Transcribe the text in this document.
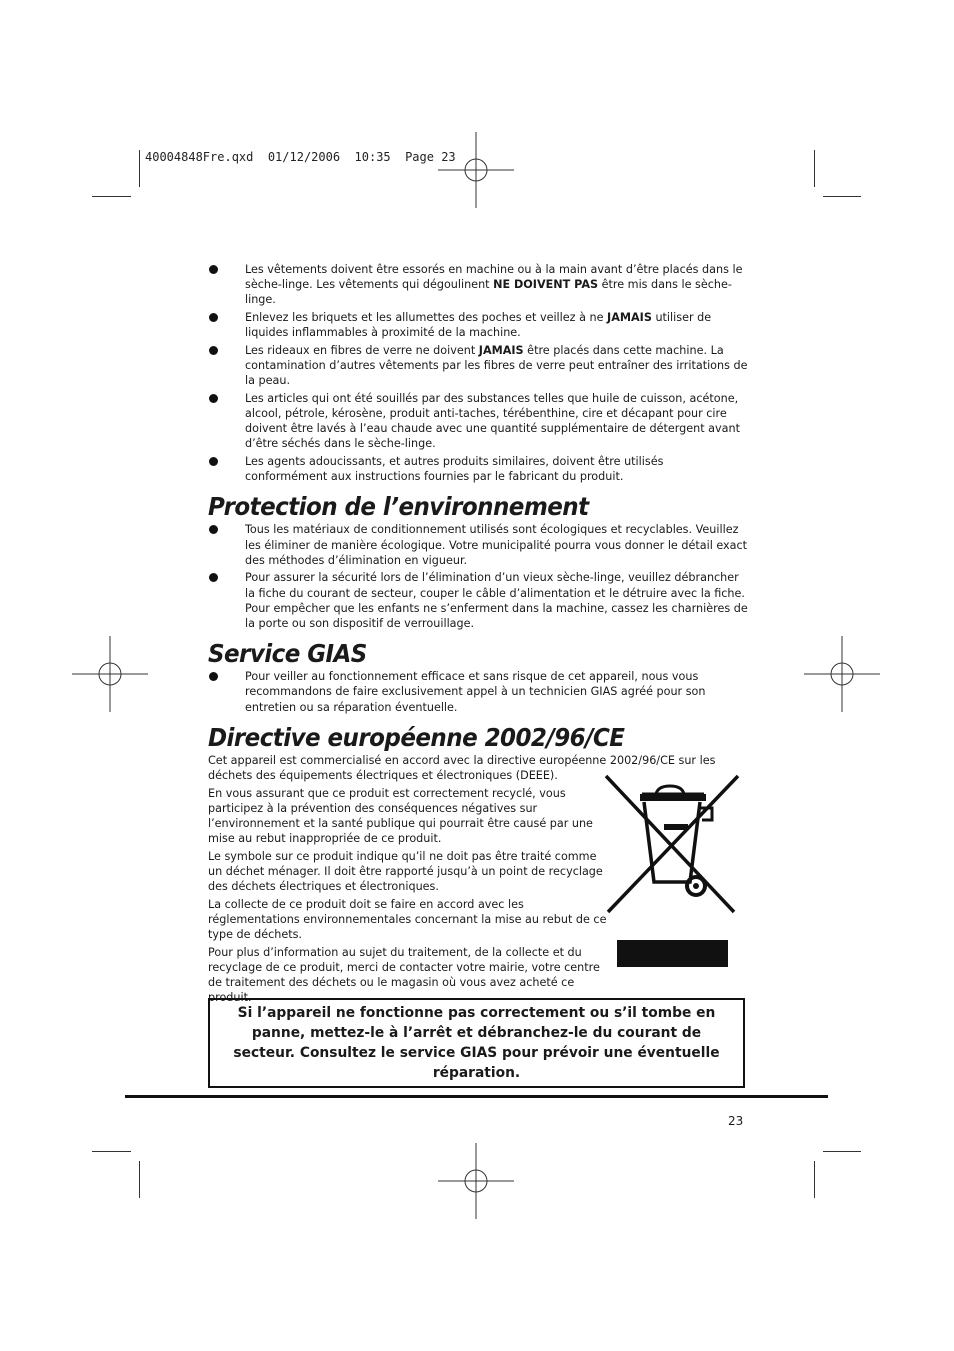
40004848Fre.qxd  01/12/2006  10:35  Page 23
Les vêtements doivent être essorés en machine ou à la main avant d’être placés dans le sèche-linge. Les vêtements qui dégoulinent NE DOIVENT PAS être mis dans le sèche-linge.
Enlevez les briquets et les allumettes des poches et veillez à ne JAMAIS utiliser de liquides inflammables à proximité de la machine.
Les rideaux en fibres de verre ne doivent JAMAIS être placés dans cette machine. La contamination d’autres vêtements par les fibres de verre peut entraîner des irritations de la peau.
Les articles qui ont été souillés par des substances telles que huile de cuisson, acétone, alcool, pétrole, kérosène, produit anti-taches, térébenthine, cire et décapant pour cire doivent être lavés à l’eau chaude avec une quantité supplémentaire de détergent avant d’être séchés dans le sèche-linge.
Les agents adoucissants, et autres produits similaires, doivent être utilisés conformément aux instructions fournies par le fabricant du produit.
Protection de l’environnement
Tous les matériaux de conditionnement utilisés sont écologiques et recyclables. Veuillez les éliminer de manière écologique. Votre municipalité pourra vous donner le détail exact des méthodes d’élimination en vigueur.
Pour assurer la sécurité lors de l’élimination d’un vieux sèche-linge, veuillez débrancher la fiche du courant de secteur, couper le câble d’alimentation et le détruire avec la fiche. Pour empêcher que les enfants ne s’enferment dans la machine, cassez les charnières de la porte ou son dispositif de verrouillage.
Service GIAS
Pour veiller au fonctionnement efficace et sans risque de cet appareil, nous vous recommandons de faire exclusivement appel à un technicien GIAS agréé pour son entretien ou sa réparation éventuelle.
Directive européenne 2002/96/CE

Cet appareil est commercialisé en accord avec la directive européenne 2002/96/CE sur les déchets des équipements électriques et électroniques (DEEE).

En vous assurant que ce produit est correctement recyclé, vous participez à la prévention des conséquences négatives sur l’environnement et la santé publique qui pourrait être causé par une mise au rebut inappropriée de ce produit.

Le symbole sur ce produit indique qu’il ne doit pas être traité comme un déchet ménager. Il doit être rapporté jusqu’à un point de recyclage des déchets électriques et électroniques.

La collecte de ce produit doit se faire en accord avec les réglementations environnementales concernant la mise au rebut de ce type de déchets.

Pour plus d’information au sujet du traitement, de la collecte et du recyclage de ce produit, merci de contacter votre mairie, votre centre de traitement des déchets ou le magasin où vous avez acheté ce produit.

Si l’appareil ne fonctionne pas correctement ou s’il tombe en panne, mettez-le à l’arrêt et débranchez-le du courant de secteur. Consultez le service GIAS pour prévoir une éventuelle réparation.

23
